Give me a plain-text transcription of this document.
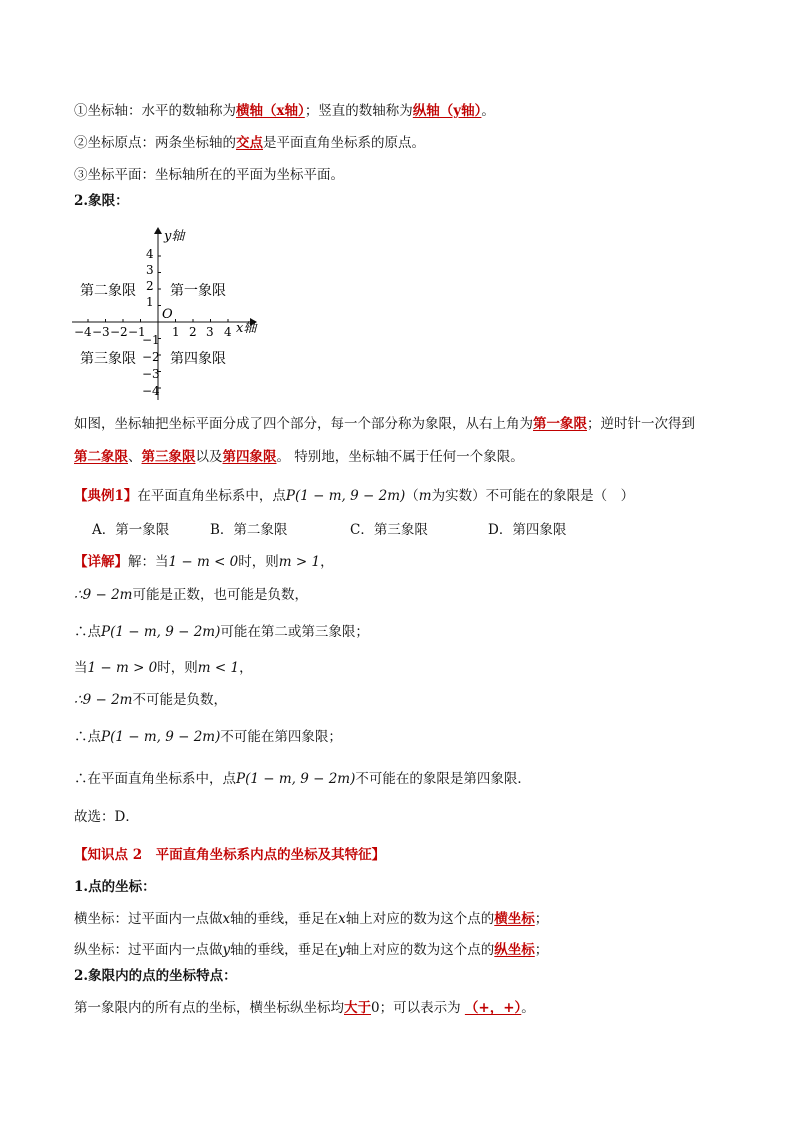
①坐标轴：水平的数轴称为横轴（x轴）；竖直的数轴称为纵轴（y轴）。
②坐标原点：两条坐标轴的交点是平面直角坐标系的原点。
③坐标平面：坐标轴所在的平面为坐标平面。
2.象限：
y轴
x轴
O
−4 −3 −2 −1 1 2 3 4
4
3
2
1
−1
−2
−3
−4
第二象限 第一象限
第三象限 第四象限
如图，坐标轴把坐标平面分成了四个部分，每一个部分称为象限，从右上角为第一象限；逆时针一次得到
第二象限、第三象限以及第四象限。 特别地，坐标轴不属于任何一个象限。
【典例1】在平面直角坐标系中，点P(1 − m, 9 − 2m)（m为实数）不可能在的象限是（　）
A．第一象限	B．第二象限	C．第三象限	D．第四象限
【详解】解：当1 − m < 0时，则m > 1，
∴9 − 2m可能是正数，也可能是负数，
∴点P(1 − m, 9 − 2m)可能在第二或第三象限；
当1 − m > 0时，则m < 1，
∴9 − 2m不可能是负数，
∴点P(1 − m, 9 − 2m)不可能在第四象限；
∴在平面直角坐标系中，点P(1 − m, 9 − 2m)不可能在的象限是第四象限．
故选：D．
【知识点 2　平面直角坐标系内点的坐标及其特征】
1.点的坐标：
横坐标：过平面内一点做x轴的垂线，垂足在x轴上对应的数为这个点的横坐标；
纵坐标：过平面内一点做y轴的垂线，垂足在y轴上对应的数为这个点的纵坐标；
2.象限内的点的坐标特点：
第一象限内的所有点的坐标，横坐标纵坐标均大于0；可以表示为 （+，+）。
